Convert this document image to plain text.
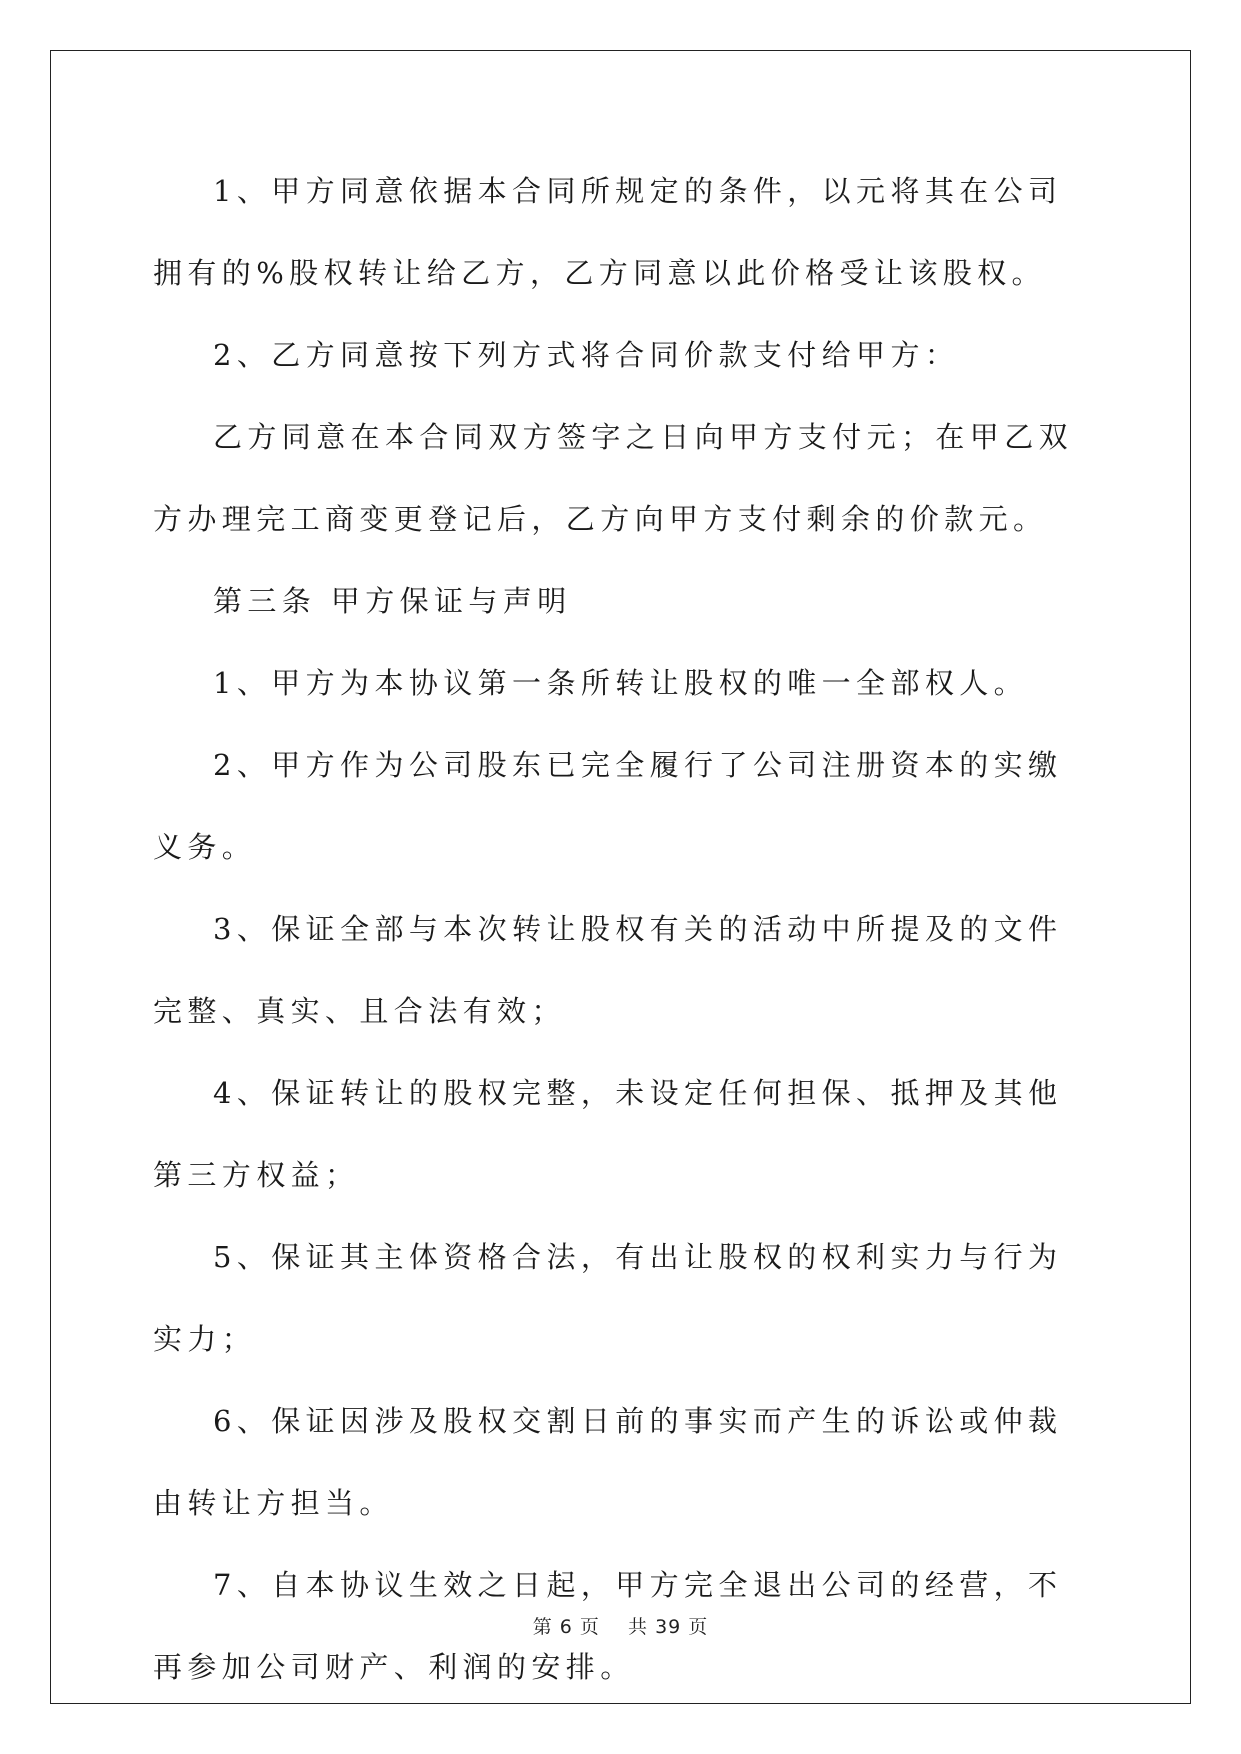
1、甲方同意依据本合同所规定的条件，以元将其在公司拥有的%股权转让给乙方，乙方同意以此价格受让该股权。

2、乙方同意按下列方式将合同价款支付给甲方：

乙方同意在本合同双方签字之日向甲方支付元；在甲乙双方办理完工商变更登记后，乙方向甲方支付剩余的价款元。

第三条 甲方保证与声明

1、甲方为本协议第一条所转让股权的唯一全部权人。

2、甲方作为公司股东已完全履行了公司注册资本的实缴义务。

3、保证全部与本次转让股权有关的活动中所提及的文件完整、真实、且合法有效；

4、保证转让的股权完整，未设定任何担保、抵押及其他第三方权益；

5、保证其主体资格合法，有出让股权的权利实力与行为实力；

6、保证因涉及股权交割日前的事实而产生的诉讼或仲裁由转让方担当。

7、自本协议生效之日起，甲方完全退出公司的经营，不再参加公司财产、利润的安排。

第 6 页    共 39 页
